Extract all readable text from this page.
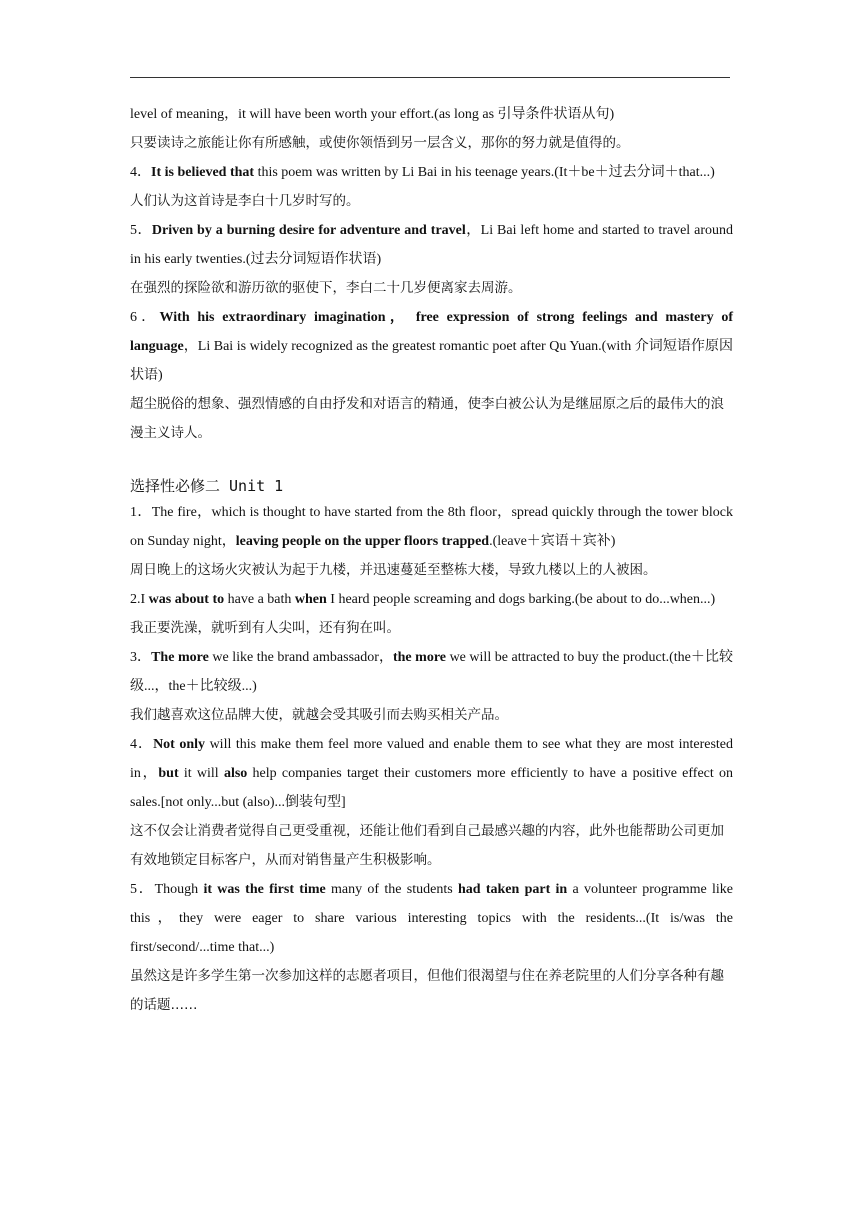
level of meaning，it will have been worth your effort.(as long as 引导条件状语从句)

只要读诗之旅能让你有所感触，或使你领悟到另一层含义，那你的努力就是值得的。

4．It is believed that this poem was written by Li Bai in his teenage years.(It＋be＋过去分词＋that...)

人们认为这首诗是李白十几岁时写的。

5．Driven by a burning desire for adventure and travel，Li Bai left home and started to travel around in his early twenties.(过去分词短语作状语)

在强烈的探险欲和游历欲的驱使下，李白二十几岁便离家去周游。

6．With his extraordinary imagination， free expression of strong feelings and mastery of language，Li Bai is widely recognized as the greatest romantic poet after Qu Yuan.(with 介词短语作原因状语)

超尘脱俗的想象、强烈情感的自由抒发和对语言的精通，使李白被公认为是继屈原之后的最伟大的浪漫主义诗人。

选择性必修二 Unit 1

1．The fire，which is thought to have started from the 8th floor，spread quickly through the tower block on Sunday night，leaving people on the upper floors trapped.(leave＋宾语＋宾补)

周日晚上的这场火灾被认为起于九楼，并迅速蔓延至整栋大楼，导致九楼以上的人被困。

2.I was about to have a bath when I heard people screaming and dogs barking.(be about to do...when...)

我正要洗澡，就听到有人尖叫，还有狗在叫。

3．The more we like the brand ambassador，the more we will be attracted to buy the product.(the＋比较级...，the＋比较级...)

我们越喜欢这位品牌大使，就越会受其吸引而去购买相关产品。

4．Not only will this make them feel more valued and enable them to see what they are most interested in，but it will also help companies target their customers more efficiently to have a positive effect on sales.[not only...but (also)...倒装句型]

这不仅会让消费者觉得自己更受重视，还能让他们看到自己最感兴趣的内容，此外也能帮助公司更加有效地锁定目标客户，从而对销售量产生积极影响。

5．Though it was the first time many of the students had taken part in a volunteer programme like this，they were eager to share various interesting topics with the residents...(It is/was the first/second/...time that...)

虽然这是许多学生第一次参加这样的志愿者项目，但他们很渴望与住在养老院里的人们分享各种有趣的话题……
